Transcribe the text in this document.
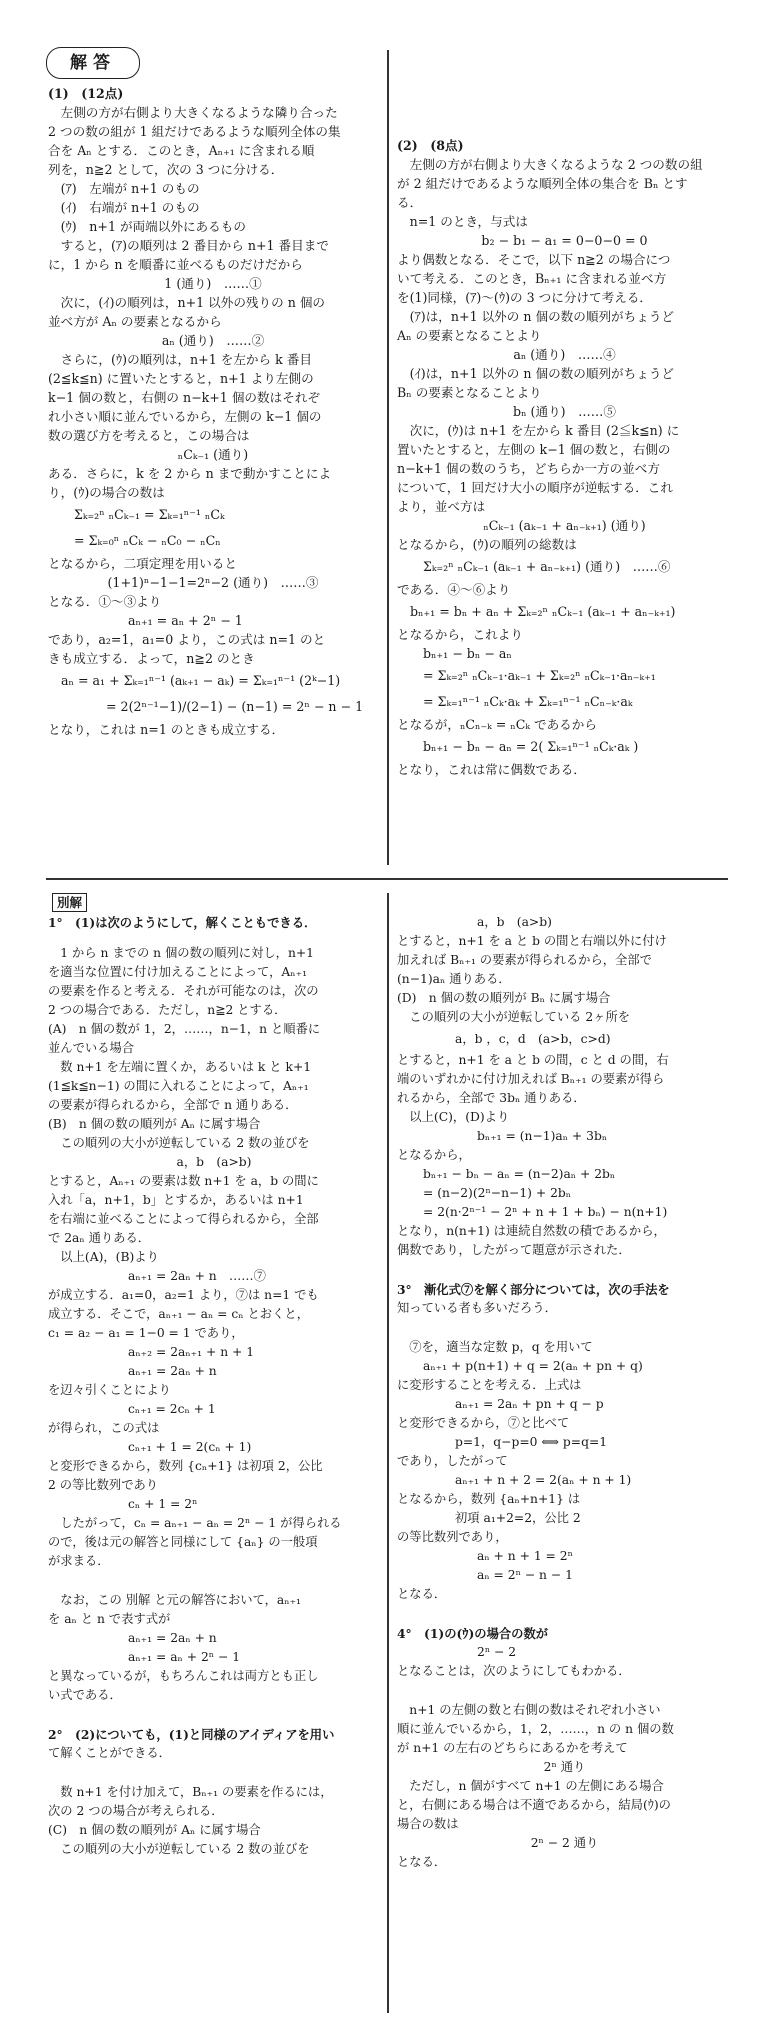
解答
別解
(1)　(12点)
　左側の方が右側より大きくなるような隣り合った
2 つの数の組が 1 組だけであるような順列全体の集
合を Aₙ とする．このとき，Aₙ₊₁ に含まれる順
列を，n≧2 として，次の 3 つに分ける．
　(ｱ)　左端が n+1 のもの
　(ｲ)　右端が n+1 のもの
　(ｳ)　n+1 が両端以外にあるもの
　すると，(ｱ)の順列は 2 番目から n+1 番目まで
に，1 から n を順番に並べるものだけだから
1 (通り)　……①
　次に，(ｲ)の順列は，n+1 以外の残りの n 個の
並べ方が Aₙ の要素となるから
aₙ (通り)　……②
　さらに，(ｳ)の順列は，n+1 を左から k 番目
(2≦k≦n) に置いたとすると，n+1 より左側の
k−1 個の数と，右側の n−k+1 個の数はそれぞ
れ小さい順に並んでいるから，左側の k−1 個の
数の選び方を考えると，この場合は
ₙCₖ₋₁ (通り)
ある．さらに，k を 2 から n まで動かすことによ
り，(ｳ)の場合の数は
Σₖ₌₂ⁿ ₙCₖ₋₁ = Σₖ₌₁ⁿ⁻¹ ₙCₖ
= Σₖ₌₀ⁿ ₙCₖ − ₙC₀ − ₙCₙ
となるから，二項定理を用いると
(1+1)ⁿ−1−1=2ⁿ−2 (通り)　……③
となる．①〜③より
aₙ₊₁ = aₙ + 2ⁿ − 1
であり，a₂=1，a₁=0 より，この式は n=1 のと
きも成立する．よって，n≧2 のとき
aₙ = a₁ + Σₖ₌₁ⁿ⁻¹ (aₖ₊₁ − aₖ) = Σₖ₌₁ⁿ⁻¹ (2ᵏ−1)
= 2(2ⁿ⁻¹−1)/(2−1) − (n−1) = 2ⁿ − n − 1
となり，これは n=1 のときも成立する．
(2)　(8点)
　左側の方が右側より大きくなるような 2 つの数の組
が 2 組だけであるような順列全体の集合を Bₙ とす
る．
　n=1 のとき，与式は
b₂ − b₁ − a₁ = 0−0−0 = 0
より偶数となる．そこで，以下 n≧2 の場合につ
いて考える．このとき，Bₙ₊₁ に含まれる並べ方
を(1)同様，(ｱ)〜(ｳ)の 3 つに分けて考える．
　(ｱ)は，n+1 以外の n 個の数の順列がちょうど
Aₙ の要素となることより
aₙ (通り)　……④
　(ｲ)は，n+1 以外の n 個の数の順列がちょうど
Bₙ の要素となることより
bₙ (通り)　……⑤
　次に，(ｳ)は n+1 を左から k 番目 (2≦k≦n) に
置いたとすると，左側の k−1 個の数と，右側の
n−k+1 個の数のうち，どちらか一方の並べ方
について，1 回だけ大小の順序が逆転する．これ
より，並べ方は
ₙCₖ₋₁ (aₖ₋₁ + aₙ₋ₖ₊₁) (通り)
となるから，(ｳ)の順列の総数は
Σₖ₌₂ⁿ ₙCₖ₋₁ (aₖ₋₁ + aₙ₋ₖ₊₁) (通り)　……⑥
である．④〜⑥より
bₙ₊₁ = bₙ + aₙ + Σₖ₌₂ⁿ ₙCₖ₋₁ (aₖ₋₁ + aₙ₋ₖ₊₁)
となるから，これより
bₙ₊₁ − bₙ − aₙ
= Σₖ₌₂ⁿ ₙCₖ₋₁·aₖ₋₁ + Σₖ₌₂ⁿ ₙCₖ₋₁·aₙ₋ₖ₊₁
= Σₖ₌₁ⁿ⁻¹ ₙCₖ·aₖ + Σₖ₌₁ⁿ⁻¹ ₙCₙ₋ₖ·aₖ
となるが，ₙCₙ₋ₖ = ₙCₖ であるから
bₙ₊₁ − bₙ − aₙ = 2( Σₖ₌₁ⁿ⁻¹ ₙCₖ·aₖ )
となり，これは常に偶数である．
1°　(1)は次のようにして，解くこともできる．
　1 から n までの n 個の数の順列に対し，n+1
を適当な位置に付け加えることによって，Aₙ₊₁
の要素を作ると考える．それが可能なのは，次の
2 つの場合である．ただし，n≧2 とする．
(A)　n 個の数が 1，2，……，n−1，n と順番に
並んでいる場合
　数 n+1 を左端に置くか，あるいは k と k+1
(1≦k≦n−1) の間に入れることによって，Aₙ₊₁
の要素が得られるから，全部で n 通りある．
(B)　n 個の数の順列が Aₙ に属す場合
　この順列の大小が逆転している 2 数の並びを
a，b　(a>b)
とすると，Aₙ₊₁ の要素は数 n+1 を a，b の間に
入れ「a，n+1，b」とするか，あるいは n+1
を右端に並べることによって得られるから，全部
で 2aₙ 通りある．
　以上(A)，(B)より
aₙ₊₁ = 2aₙ + n　……⑦
が成立する．a₁=0，a₂=1 より，⑦は n=1 でも
成立する．そこで，aₙ₊₁ − aₙ = cₙ とおくと，
c₁ = a₂ − a₁ = 1−0 = 1 であり，
aₙ₊₂ = 2aₙ₊₁ + n + 1
aₙ₊₁ = 2aₙ + n
を辺々引くことにより
cₙ₊₁ = 2cₙ + 1
が得られ，この式は
cₙ₊₁ + 1 = 2(cₙ + 1)
と変形できるから，数列 {cₙ+1} は初項 2，公比
2 の等比数列であり
cₙ + 1 = 2ⁿ
　したがって，cₙ = aₙ₊₁ − aₙ = 2ⁿ − 1 が得られる
ので，後は元の解答と同様にして {aₙ} の一般項
が求まる．
　なお，この 別解 と元の解答において，aₙ₊₁
を aₙ と n で表す式が
aₙ₊₁ = 2aₙ + n
aₙ₊₁ = aₙ + 2ⁿ − 1
と異なっているが，もちろんこれは両方とも正し
い式である．
2°　(2)についても，(1)と同様のアイディアを用い
て解くことができる．
　数 n+1 を付け加えて，Bₙ₊₁ の要素を作るには，
次の 2 つの場合が考えられる．
(C)　n 個の数の順列が Aₙ に属す場合
　この順列の大小が逆転している 2 数の並びを
a，b　(a>b)
とすると，n+1 を a と b の間と右端以外に付け
加えれば Bₙ₊₁ の要素が得られるから，全部で
(n−1)aₙ 通りある．
(D)　n 個の数の順列が Bₙ に属す場合
　この順列の大小が逆転している 2ヶ所を
a，b ，c，d　(a>b，c>d)
とすると，n+1 を a と b の間，c と d の間，右
端のいずれかに付け加えれば Bₙ₊₁ の要素が得ら
れるから，全部で 3bₙ 通りある．
　以上(C)，(D)より
bₙ₊₁ = (n−1)aₙ + 3bₙ
となるから，
bₙ₊₁ − bₙ − aₙ = (n−2)aₙ + 2bₙ
= (n−2)(2ⁿ−n−1) + 2bₙ
= 2(n·2ⁿ⁻¹ − 2ⁿ + n + 1 + bₙ) − n(n+1)
となり，n(n+1) は連続自然数の積であるから，
偶数であり，したがって題意が示された．
3°　漸化式⑦を解く部分については，次の手法を
知っている者も多いだろう．
　⑦を，適当な定数 p，q を用いて
aₙ₊₁ + p(n+1) + q = 2(aₙ + pn + q)
に変形することを考える．上式は
aₙ₊₁ = 2aₙ + pn + q − p
と変形できるから，⑦と比べて
p=1，q−p=0 ⟺ p=q=1
であり，したがって
aₙ₊₁ + n + 2 = 2(aₙ + n + 1)
となるから，数列 {aₙ+n+1} は
初項 a₁+2=2，公比 2
の等比数列であり，
aₙ + n + 1 = 2ⁿ
aₙ = 2ⁿ − n − 1
となる．
4°　(1)の(ｳ)の場合の数が
2ⁿ − 2
となることは，次のようにしてもわかる．
　n+1 の左側の数と右側の数はそれぞれ小さい
順に並んでいるから，1，2，……，n の n 個の数
が n+1 の左右のどちらにあるかを考えて
2ⁿ 通り
　ただし，n 個がすべて n+1 の左側にある場合
と，右側にある場合は不適であるから，結局(ｳ)の
場合の数は
2ⁿ − 2 通り
となる．
